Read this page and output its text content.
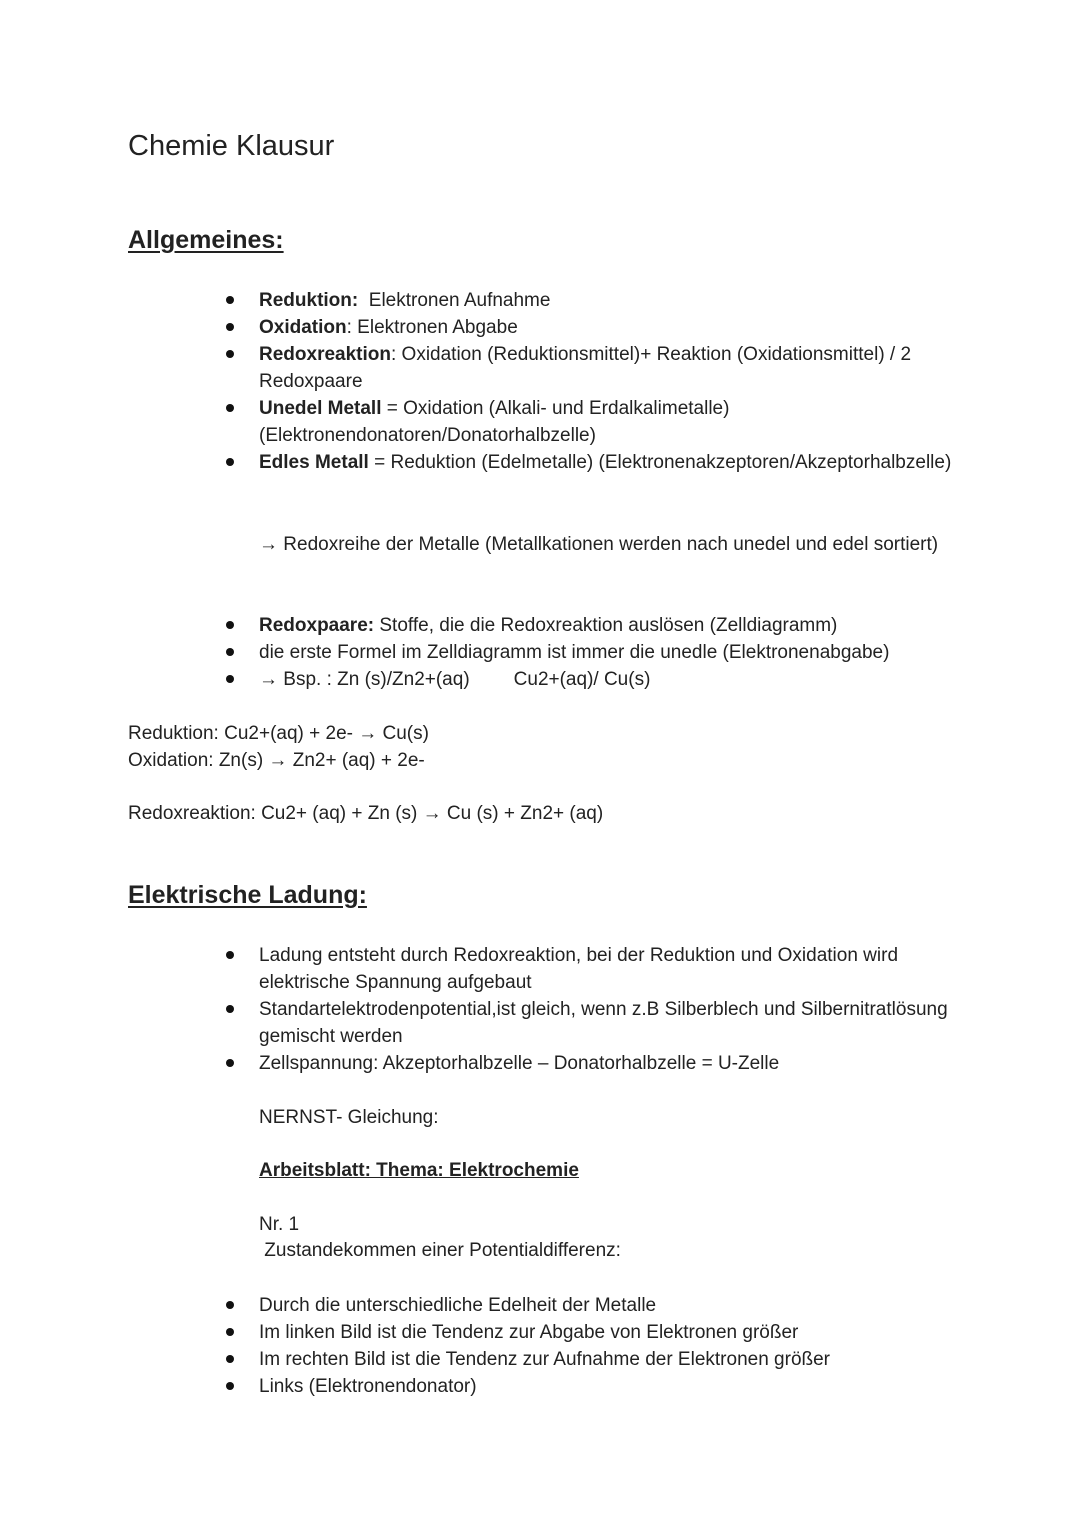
Chemie Klausur
Allgemeines:
Reduktion:  Elektronen Aufnahme
Oxidation: Elektronen Abgabe
Redoxreaktion: Oxidation (Reduktionsmittel)+ Reaktion (Oxidationsmittel) / 2 Redoxpaare
Unedel Metall = Oxidation (Alkali- und Erdalkalimetalle) (Elektronendonatoren/Donatorhalbzelle)
Edles Metall = Reduktion (Edelmetalle) (Elektronenakzeptoren/Akzeptorhalbzelle)

→ Redoxreihe der Metalle (Metallkationen werden nach unedel und edel sortiert)

Redoxpaare: Stoffe, die die Redoxreaktion auslösen (Zelldiagramm)
die erste Formel im Zelldiagramm ist immer die unedle (Elektronenabgabe)
→ Bsp. : Zn (s)/Zn2+(aq) Cu2+(aq)/ Cu(s)

Reduktion: Cu2+(aq) + 2e- → Cu(s)

Oxidation: Zn(s) → Zn2+ (aq) + 2e-

Redoxreaktion: Cu2+ (aq) + Zn (s) → Cu (s) + Zn2+ (aq)

Elektrische Ladung:
Ladung entsteht durch Redoxreaktion, bei der Reduktion und Oxidation wird elektrische Spannung aufgebaut
Standartelektrodenpotential,ist gleich, wenn z.B Silberblech und Silbernitratlösung gemischt werden
Zellspannung: Akzeptorhalbzelle – Donatorhalbzelle = U-Zelle

NERNST- Gleichung:

Arbeitsblatt: Thema: Elektrochemie

Nr. 1

Zustandekommen einer Potentialdifferenz:

Durch die unterschiedliche Edelheit der Metalle
Im linken Bild ist die Tendenz zur Abgabe von Elektronen größer
Im rechten Bild ist die Tendenz zur Aufnahme der Elektronen größer
Links (Elektronendonator)
